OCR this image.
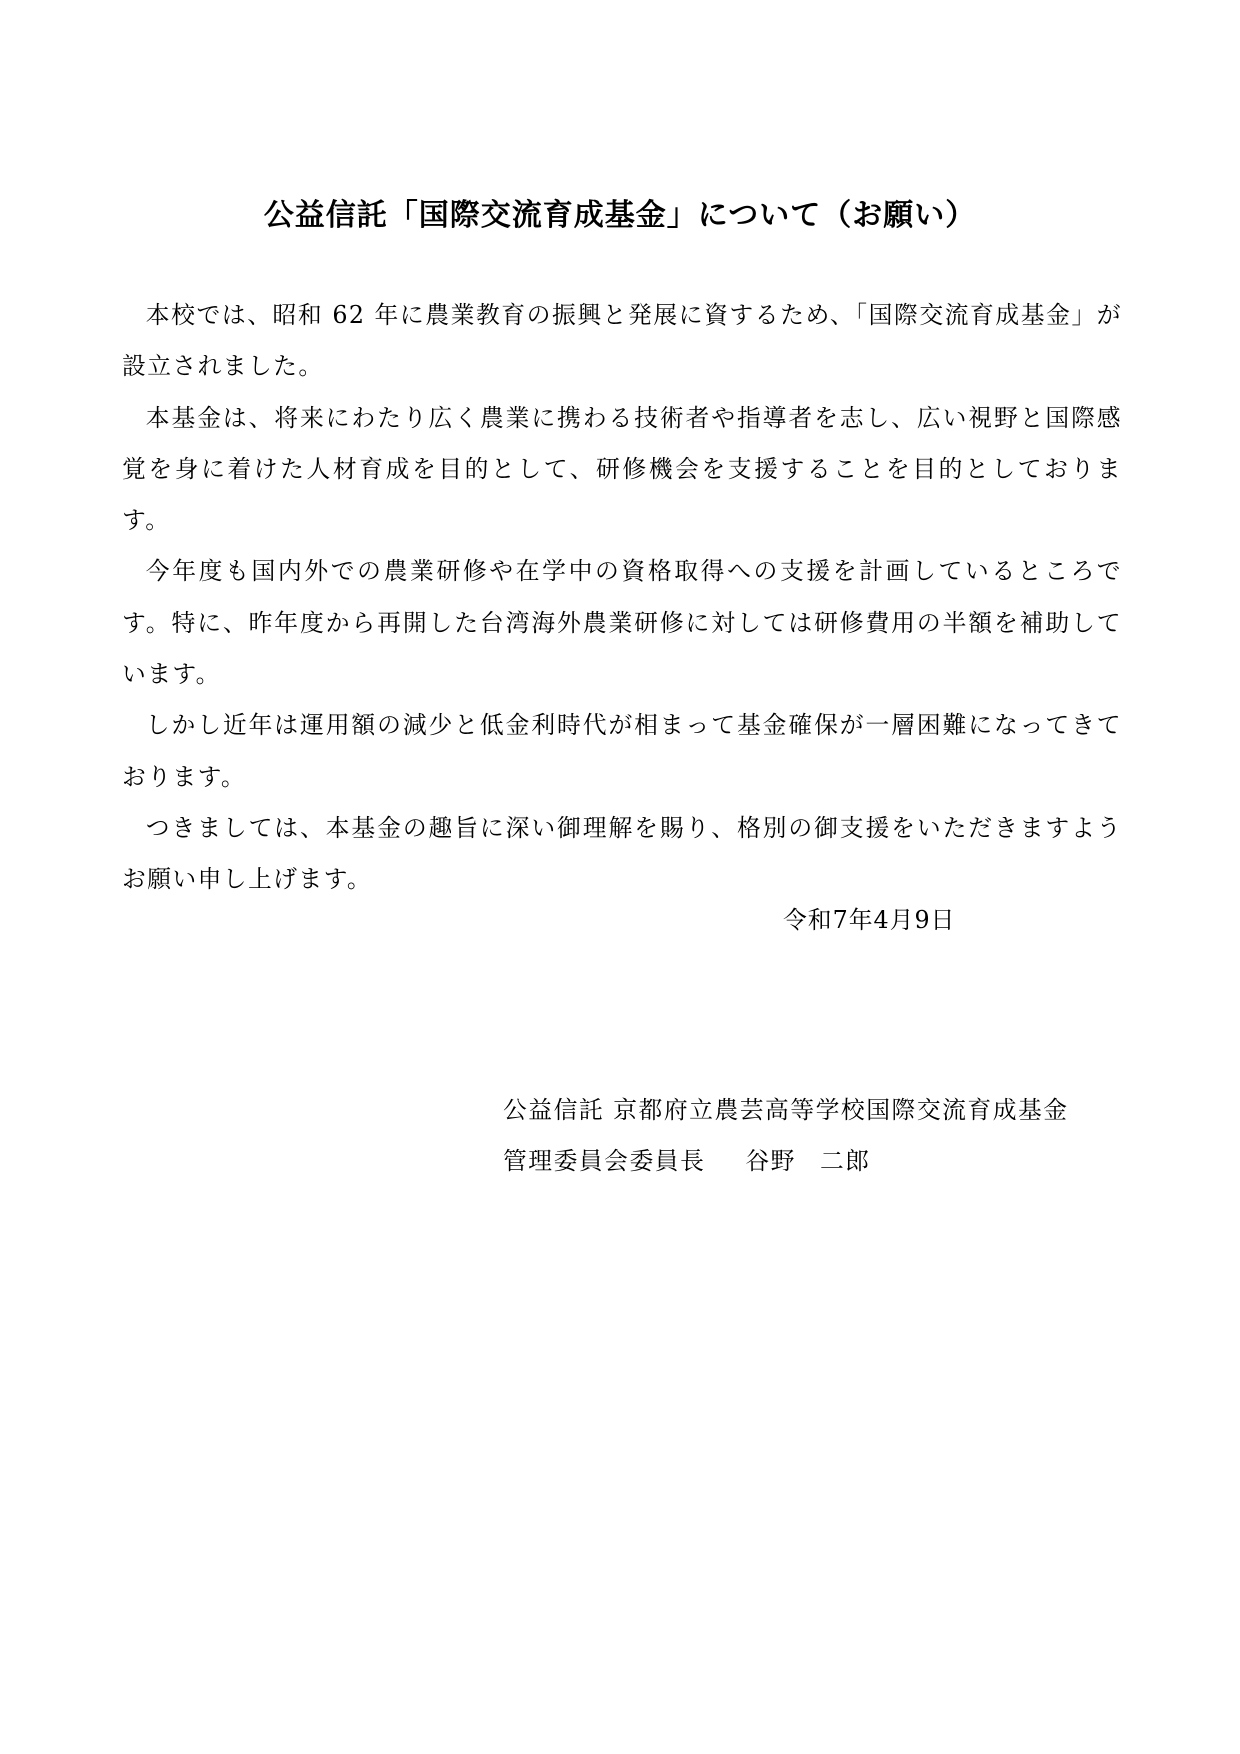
公益信託「国際交流育成基金」について（お願い）

本校では、昭和 62 年に農業教育の振興と発展に資するため、「国際交流育成基金」が設立されました。

本基金は、将来にわたり広く農業に携わる技術者や指導者を志し、広い視野と国際感覚を身に着けた人材育成を目的として、研修機会を支援することを目的としております。

今年度も国内外での農業研修や在学中の資格取得への支援を計画しているところです。特に、昨年度から再開した台湾海外農業研修に対しては研修費用の半額を補助しています。

しかし近年は運用額の減少と低金利時代が相まって基金確保が一層困難になってきております。

つきましては、本基金の趣旨に深い御理解を賜り、格別の御支援をいただきますようお願い申し上げます。

令和7年4月9日
公益信託 京都府立農芸高等学校国際交流育成基金
管理委員会委員長 谷野 二郎
